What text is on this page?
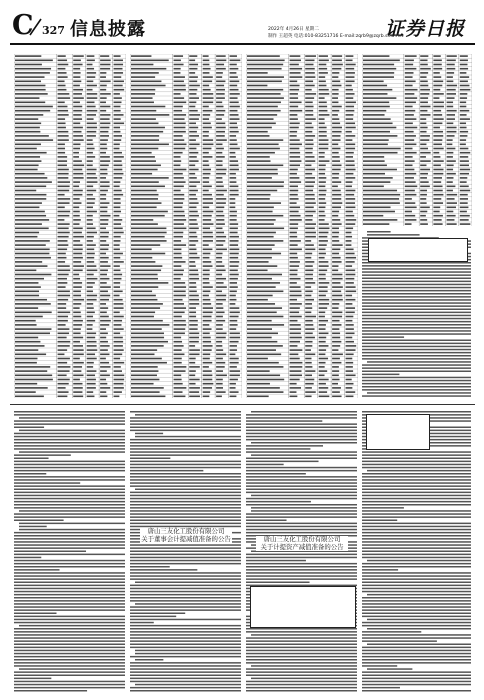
C 327 信息披露	2022年 4月26日 星期二
制作 王超英 电话:010-83251716 E-mail:zqrb9@zqrb.sina.net
证券日报
唐山三友化工股份有限公司
关于董事会计提减值准备的公告	唐山三友化工股份有限公司
关于计提资产减值准备的公告
